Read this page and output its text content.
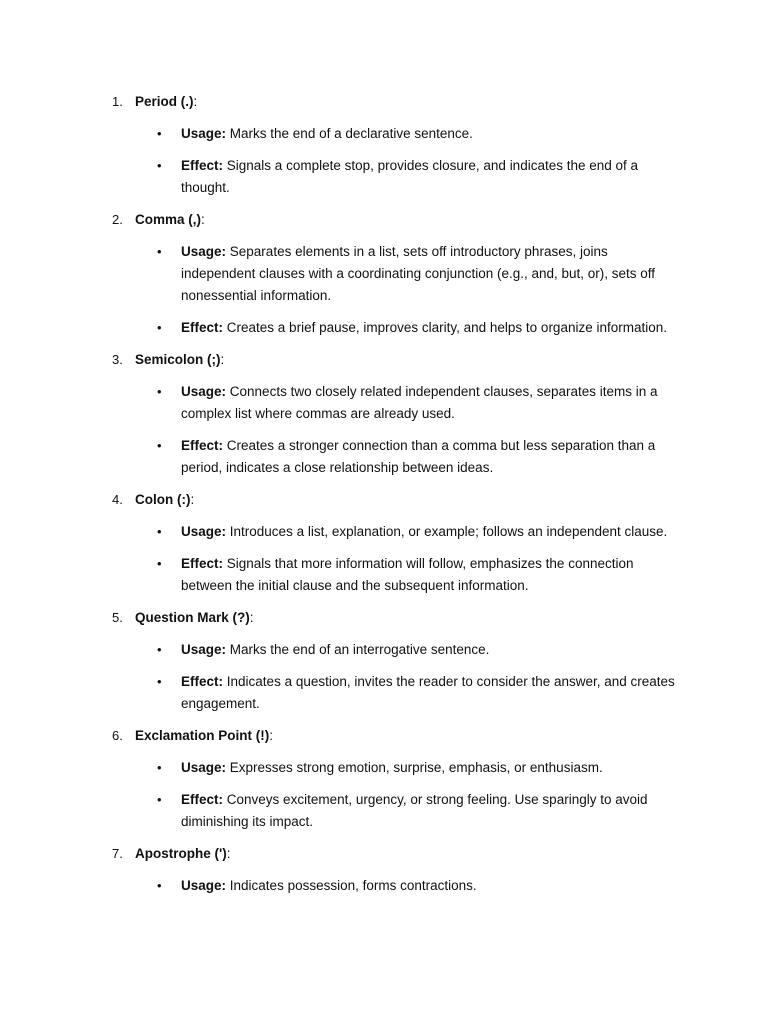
1. Period (.):
• Usage: Marks the end of a declarative sentence.
• Effect: Signals a complete stop, provides closure, and indicates the end of a thought.
2. Comma (,):
• Usage: Separates elements in a list, sets off introductory phrases, joins independent clauses with a coordinating conjunction (e.g., and, but, or), sets off nonessential information.
• Effect: Creates a brief pause, improves clarity, and helps to organize information.
3. Semicolon (;):
• Usage: Connects two closely related independent clauses, separates items in a complex list where commas are already used.
• Effect: Creates a stronger connection than a comma but less separation than a period, indicates a close relationship between ideas.
4. Colon (:):
• Usage: Introduces a list, explanation, or example; follows an independent clause.
• Effect: Signals that more information will follow, emphasizes the connection between the initial clause and the subsequent information.
5. Question Mark (?):
• Usage: Marks the end of an interrogative sentence.
• Effect: Indicates a question, invites the reader to consider the answer, and creates engagement.
6. Exclamation Point (!):
• Usage: Expresses strong emotion, surprise, emphasis, or enthusiasm.
• Effect: Conveys excitement, urgency, or strong feeling. Use sparingly to avoid diminishing its impact.
7. Apostrophe ('):
• Usage: Indicates possession, forms contractions.
